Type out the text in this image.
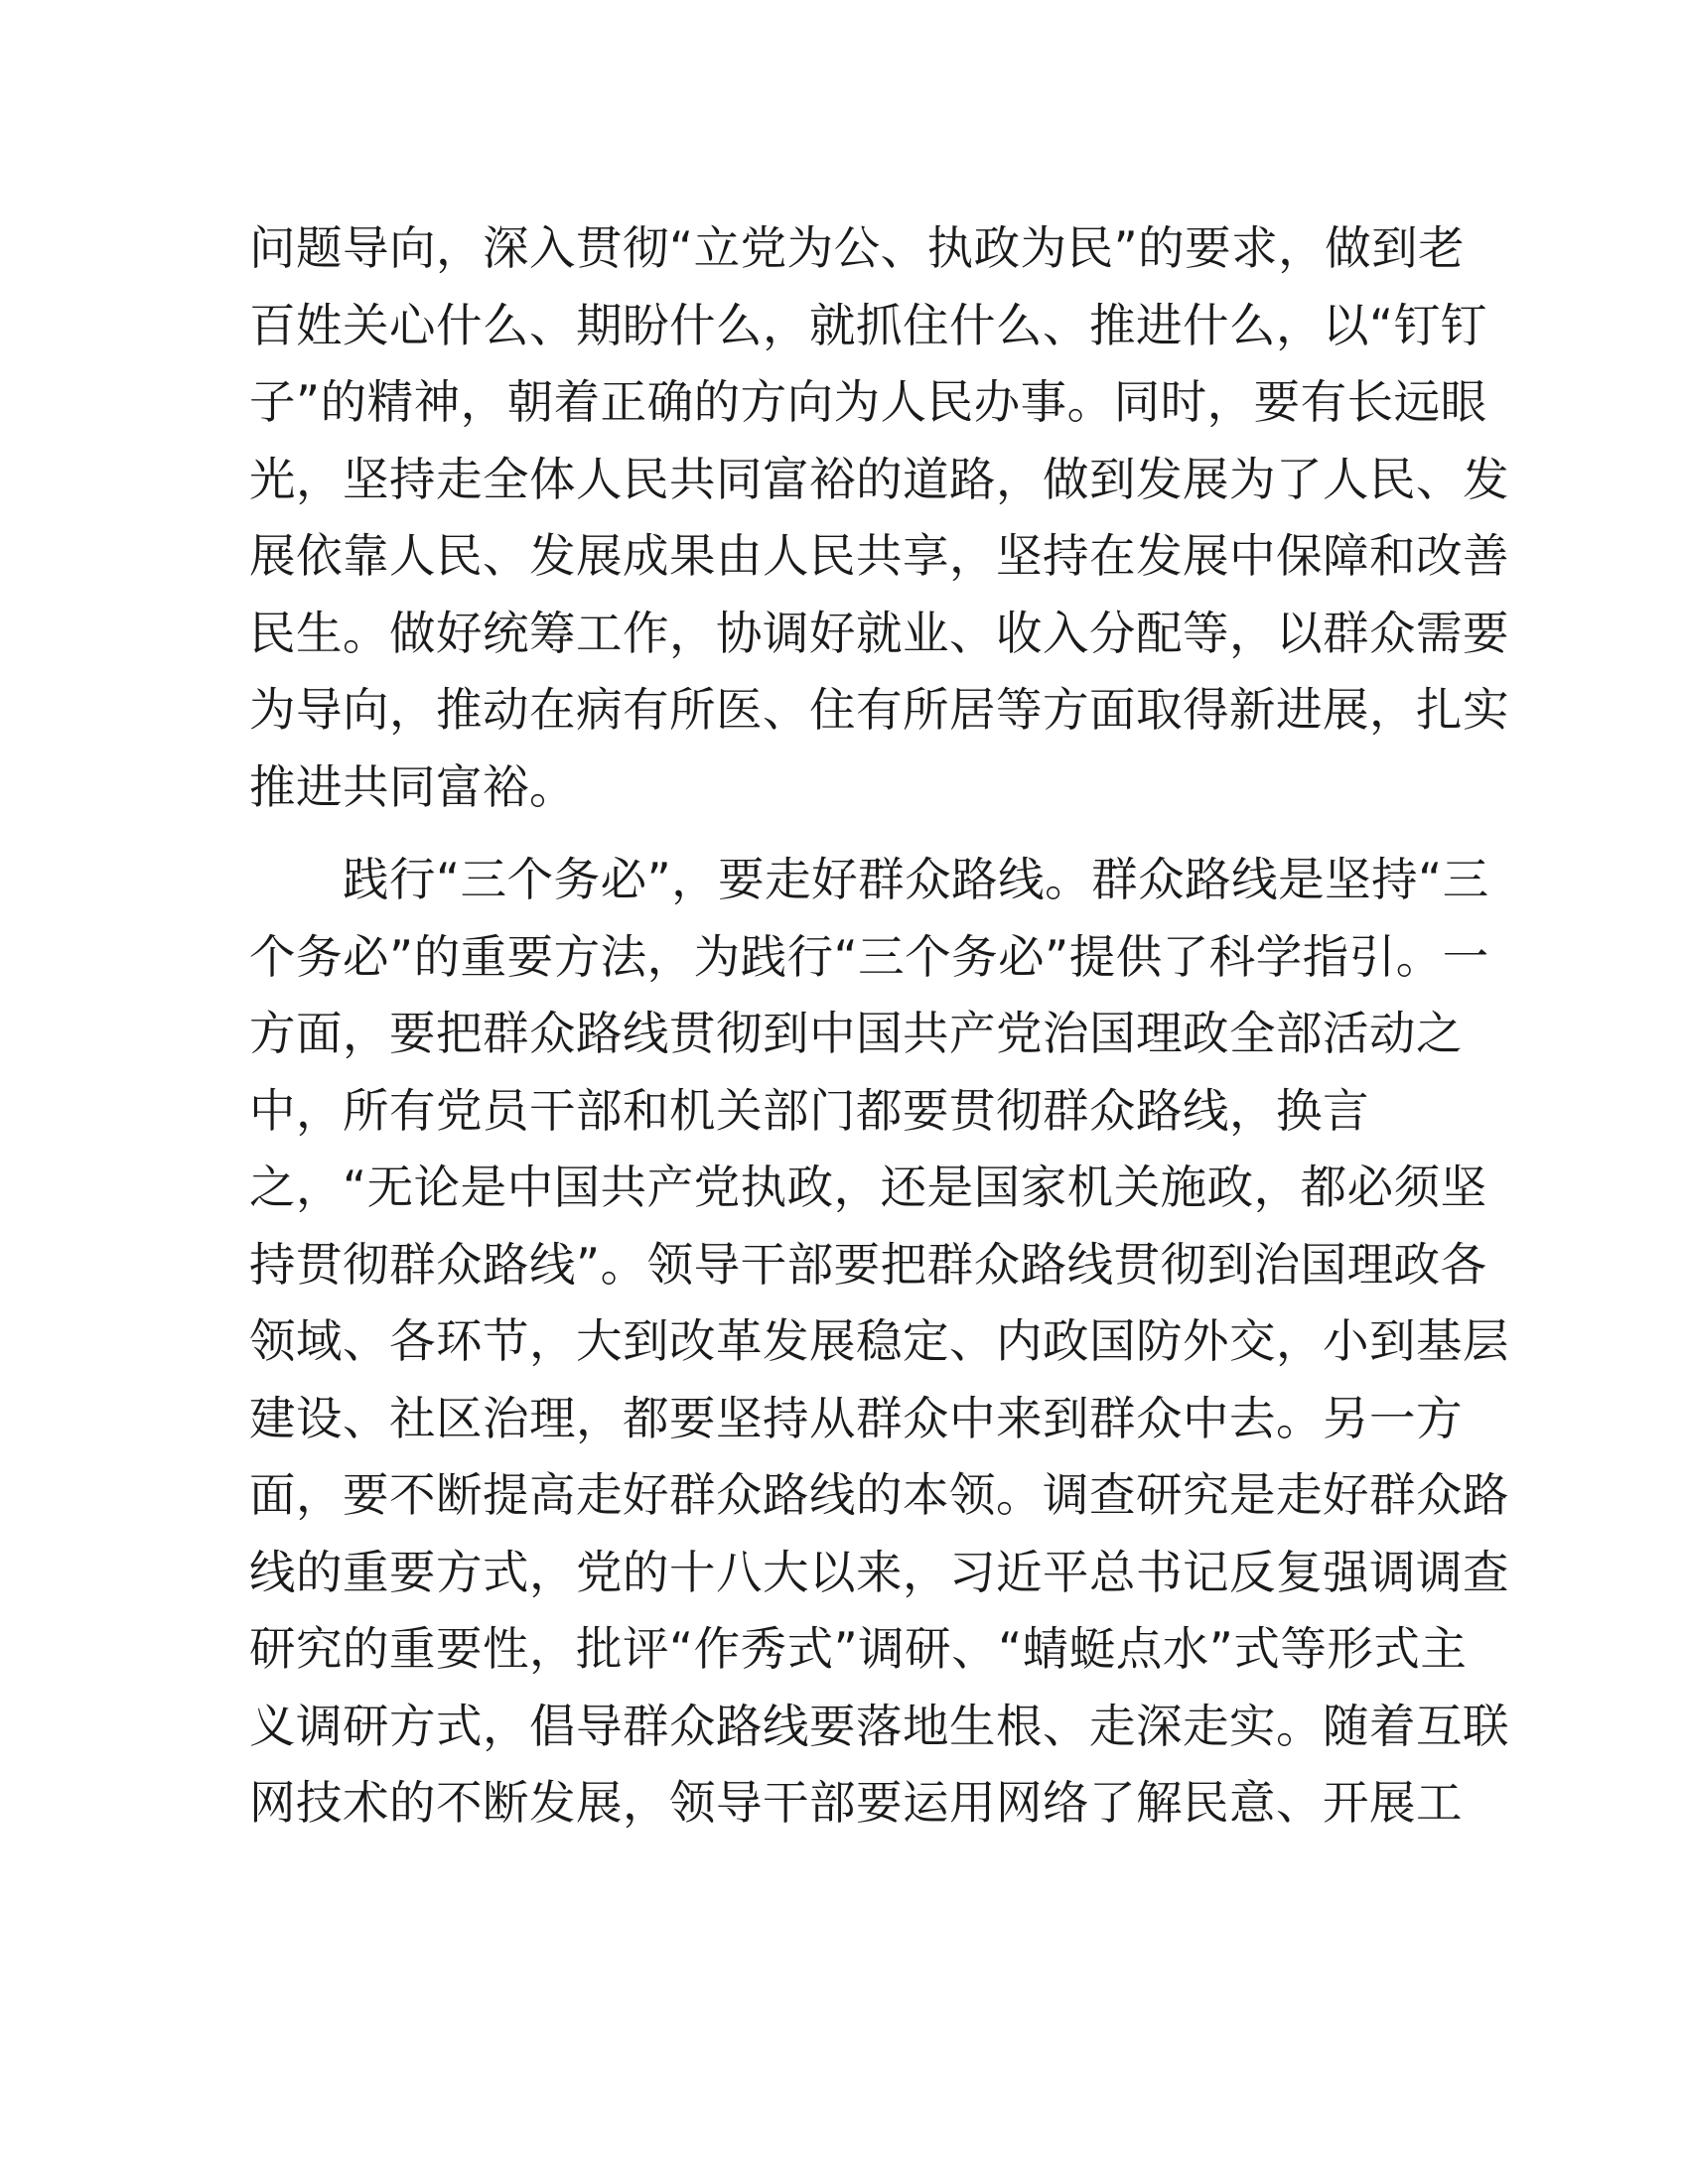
问题导向，深入贯彻“立党为公、执政为民”的要求，做到老
百姓关心什么、期盼什么，就抓住什么、推进什么，以“钉钉
子”的精神，朝着正确的方向为人民办事。同时，要有长远眼
光，坚持走全体人民共同富裕的道路，做到发展为了人民、发
展依靠人民、发展成果由人民共享，坚持在发展中保障和改善
民生。做好统筹工作，协调好就业、收入分配等，以群众需要
为导向，推动在病有所医、住有所居等方面取得新进展，扎实
推进共同富裕。
　　践行“三个务必”，要走好群众路线。群众路线是坚持“三
个务必”的重要方法，为践行“三个务必”提供了科学指引。一
方面，要把群众路线贯彻到中国共产党治国理政全部活动之
中，所有党员干部和机关部门都要贯彻群众路线，换言
之，“无论是中国共产党执政，还是国家机关施政，都必须坚
持贯彻群众路线”。领导干部要把群众路线贯彻到治国理政各
领域、各环节，大到改革发展稳定、内政国防外交，小到基层
建设、社区治理，都要坚持从群众中来到群众中去。另一方
面，要不断提高走好群众路线的本领。调查研究是走好群众路
线的重要方式，党的十八大以来，习近平总书记反复强调调查
研究的重要性，批评“作秀式”调研、“蜻蜓点水”式等形式主
义调研方式，倡导群众路线要落地生根、走深走实。随着互联
网技术的不断发展，领导干部要运用网络了解民意、开展工
